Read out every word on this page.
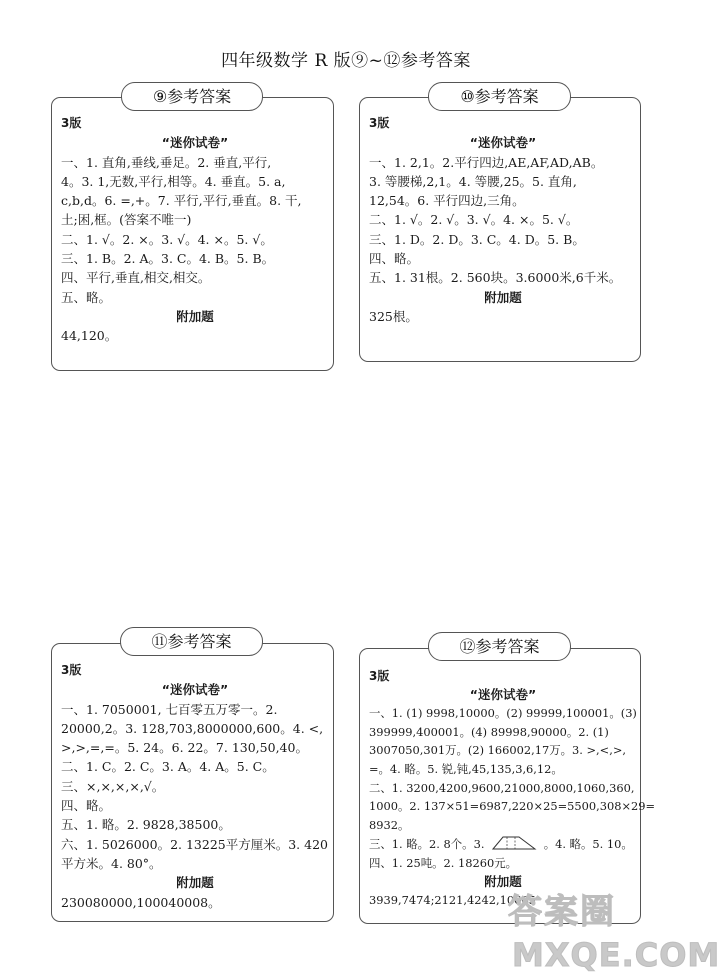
四年级数学 R 版⑨~⑫参考答案
⑨参考答案
3版
“迷你试卷”
一、1. 直角,垂线,垂足。2. 垂直,平行,
4。3. 1,无数,平行,相等。4. 垂直。5. a,
c,b,d。6. =,+。7. 平行,平行,垂直。8. 干,
土;困,框。(答案不唯一)
二、1. √。2. ×。3. √。4. ×。5. √。
三、1. B。2. A。3. C。4. B。5. B。
四、平行,垂直,相交,相交。
五、略。
附加题
44,120。
⑩参考答案
3版
“迷你试卷”
一、1. 2,1。2.平行四边,AE,AF,AD,AB。
3. 等腰梯,2,1。4. 等腰,25。5. 直角,
12,54。6. 平行四边,三角。
二、1. √。2. √。3. √。4. ×。5. √。
三、1. D。2. D。3. C。4. D。5. B。
四、略。
五、1. 31根。2. 560块。3.6000米,6千米。
附加题
325根。
⑪参考答案
3版
“迷你试卷”
一、1. 7050001, 七百零五万零一。2.
20000,2。3. 128,703,8000000,600。4. <,
>,>,=,=。5. 24。6. 22。7. 130,50,40。
二、1. C。2. C。3. A。4. A。5. C。
三、×,×,×,×,√。
四、略。
五、1. 略。2. 9828,38500。
六、1. 5026000。2. 13225平方厘米。3. 420
平方米。4. 80°。
附加题
230080000,100040008。
⑫参考答案
3版
“迷你试卷”
一、1. (1) 9998,10000。(2) 99999,100001。(3)
399999,400001。(4) 89998,90000。2. (1)
3007050,301万。(2) 166002,17万。3. >,<,>,
=。4. 略。5. 锐,钝,45,135,3,6,12。
二、1. 3200,4200,9600,21000,8000,1060,360,
1000。2. 137×51=6987,220×25=5500,308×29=
8932。
三、1. 略。2. 8个。3.	。4. 略。5. 10。
四、1. 25吨。2. 18260元。
附加题
3939,7474;2121,4242,10605
答案圈
MXQE.COM
